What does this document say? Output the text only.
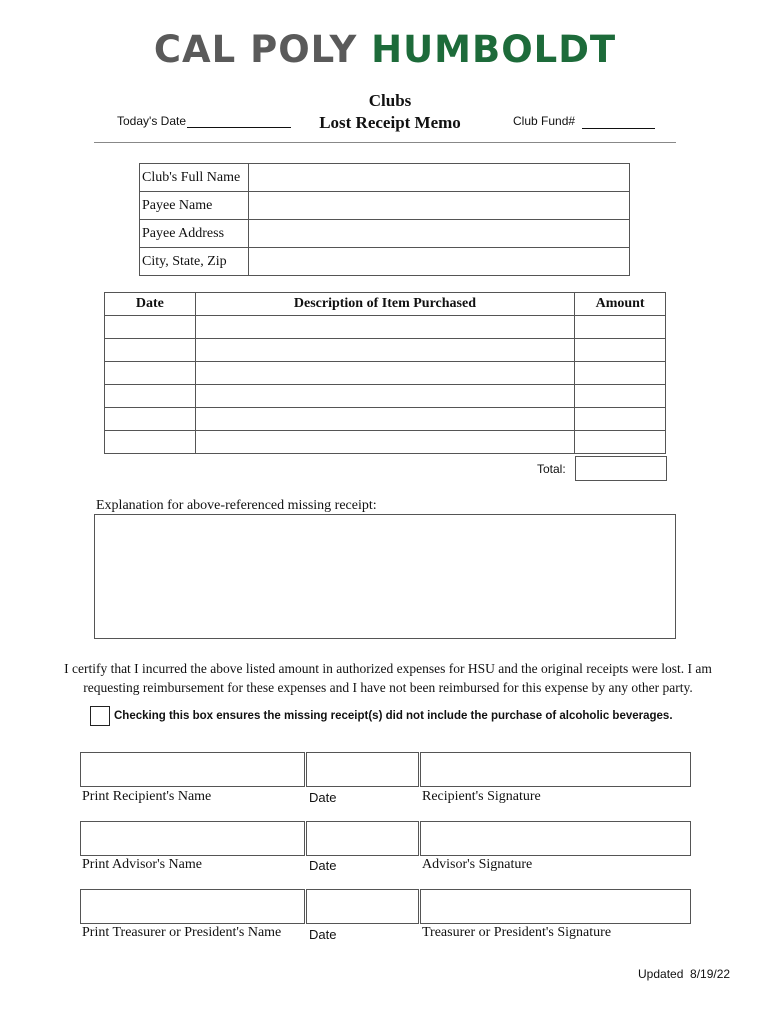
CAL POLY HUMBOLDT
Clubs
Lost Receipt Memo
Today's Date	Club Fund#
Club's Full Name	
Payee Name	
Payee Address	
City, State, Zip	
Date	Description of Item Purchased	Amount

Total:
Explanation for above-referenced missing receipt:
I certify that I incurred the above listed amount in authorized expenses for HSU and the original receipts were lost. I am requesting reimbursement for these expenses and I have not been reimbursed for this expense by any other party.
Checking this box ensures the missing receipt(s) did not include the purchase of alcoholic beverages.
Print Recipient's Name	Date	Recipient's Signature
Print Advisor's Name	Date	Advisor's Signature
Print Treasurer or President's Name Date	Treasurer or President's Signature
Updated  8/19/22
